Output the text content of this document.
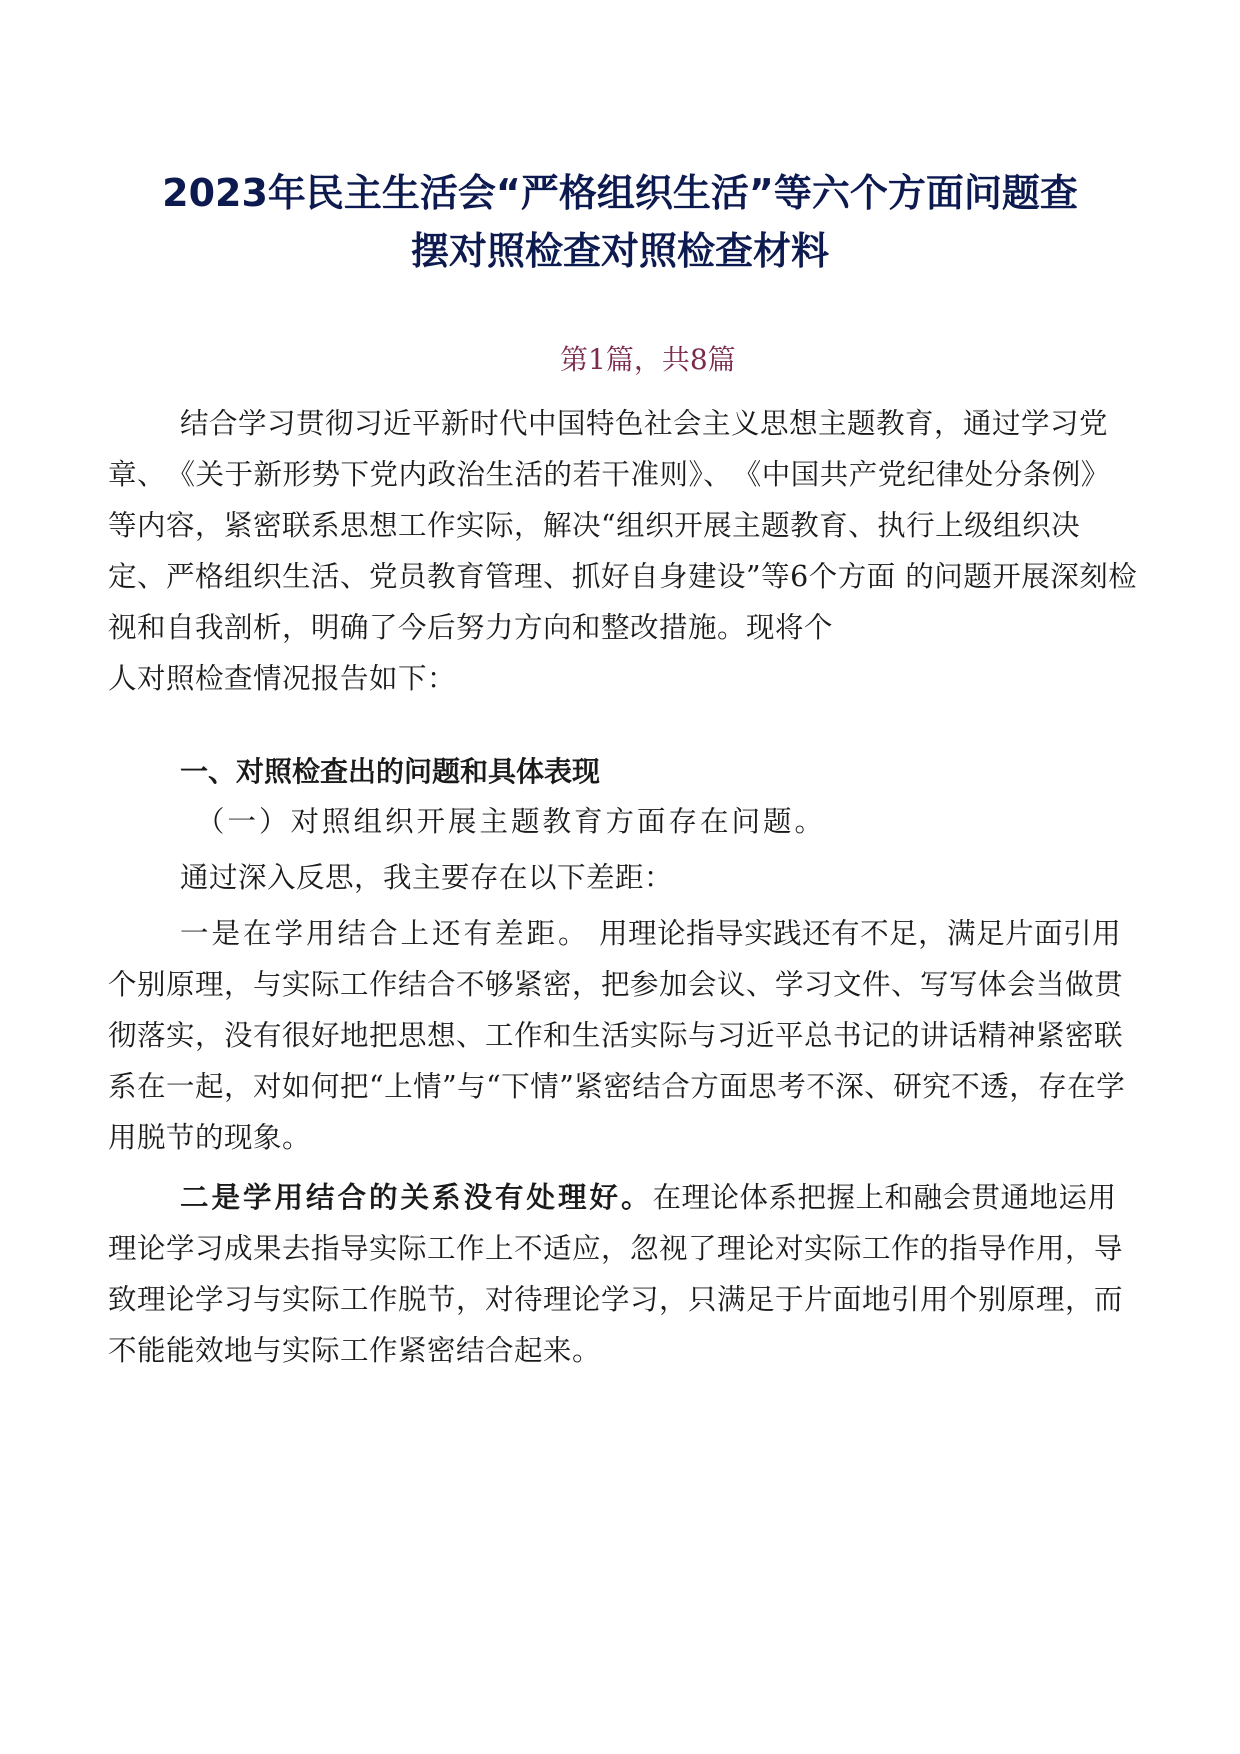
2023年民主生活会“严格组织生活”等六个方面问题查
摆对照检查对照检查材料

第1篇，共8篇

结合学习贯彻习近平新时代中国特色社会主义思想主题教育，通过学习党章、　《关于新形势下党内政治生活的若干准则》、　《中国共产党纪律处分条例》等内容，紧密联系思想工作实际，解决“组织开展主题教育、执行上级组织决定、严格组织生活、党员教育管理、抓好自身建设”等6个方面 的问题开展深刻检视和自我剖析，明确了今后努力方向和整改措施。现将个
人对照检查情况报告如下：

一、对照检查出的问题和具体表现

（一）对照组织开展主题教育方面存在问题。

通过深入反思，我主要存在以下差距：

一是在学用结合上还有差距。 用理论指导实践还有不足，满足片面引用个别原理，与实际工作结合不够紧密，把参加会议、学习文件、写写体会当做贯彻落实，没有很好地把思想、工作和生活实际与习近平总书记的讲话精神紧密联系在一起，对如何把“上情”与“下情”紧密结合方面思考不深、研究不透，存在学用脱节的现象。

二是学用结合的关系没有处理好。在理论体系把握上和融会贯通地运用理论学习成果去指导实际工作上不适应，忽视了理论对实际工作的指导作用，导致理论学习与实际工作脱节，对待理论学习，只满足于片面地引用个别原理，而不能能效地与实际工作紧密结合起来。
